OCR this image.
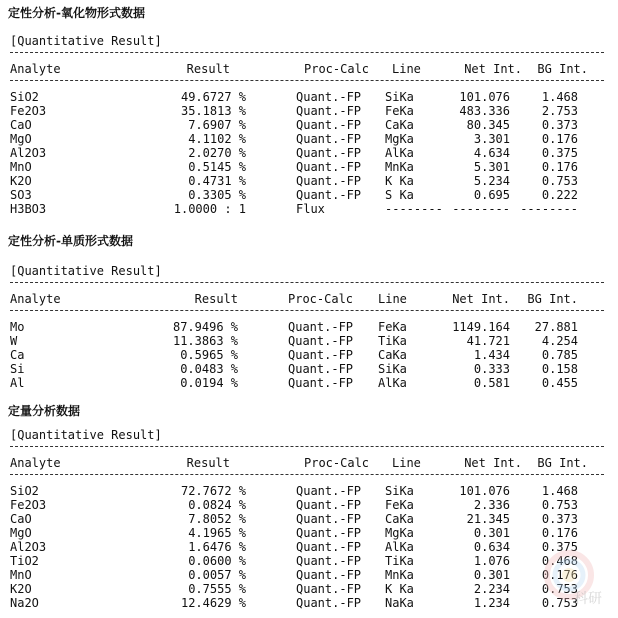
定性分析-氧化物形式数据
[Quantitative Result]
Analyte	Result	Proc-Calc Line	Net Int. BG Int.
SiO2	49.6727 %	Quant.-FP SiKa	101.076	1.468
Fe2O3	35.1813 %	Quant.-FP FeKa	483.336	2.753
CaO	7.6907 %	Quant.-FP CaKa	80.345	0.373
MgO	4.1102 %	Quant.-FP MgKa	3.301	0.176
Al2O3	2.0270 %	Quant.-FP AlKa	4.634	0.375
MnO	0.5145 %	Quant.-FP MnKa	5.301	0.176
K2O	0.4731 %	Quant.-FP K Ka	5.234	0.753
SO3	0.3305 %	Quant.-FP S Ka	0.695	0.222
H3BO3	1.0000 : 1	Flux	-------- -------- --------
定性分析-单质形式数据
[Quantitative Result]
Analyte	Result	Proc-Calc Line	Net Int. BG Int.
Mo	87.9496 %	Quant.-FP FeKa	1149.164 27.881
W	11.3863 %	Quant.-FP TiKa	41.721	4.254
Ca	0.5965 %	Quant.-FP CaKa	1.434	0.785
Si	0.0483 %	Quant.-FP SiKa	0.333	0.158
Al	0.0194 %	Quant.-FP AlKa	0.581	0.455
定量分析数据
[Quantitative Result]
Analyte	Result	Proc-Calc Line	Net Int. BG Int.
SiO2	72.7672 %	Quant.-FP SiKa	101.076	1.468
Fe2O3	0.0824 %	Quant.-FP FeKa	2.336	0.753
CaO	7.8052 %	Quant.-FP CaKa	21.345	0.373
MgO	4.1965 %	Quant.-FP MgKa	0.301	0.176
Al2O3	1.6476 %	Quant.-FP AlKa	0.634	0.375
TiO2	0.0600 %	Quant.-FP TiKa	1.076	0.468
MnO	0.0057 %	Quant.-FP MnKa	0.301	0.176
K2O	0.7555 %	Quant.-FP K Ka	2.234	0.753
Na2O	12.4629 %	Quant.-FP NaKa	1.234	0.753
科研
